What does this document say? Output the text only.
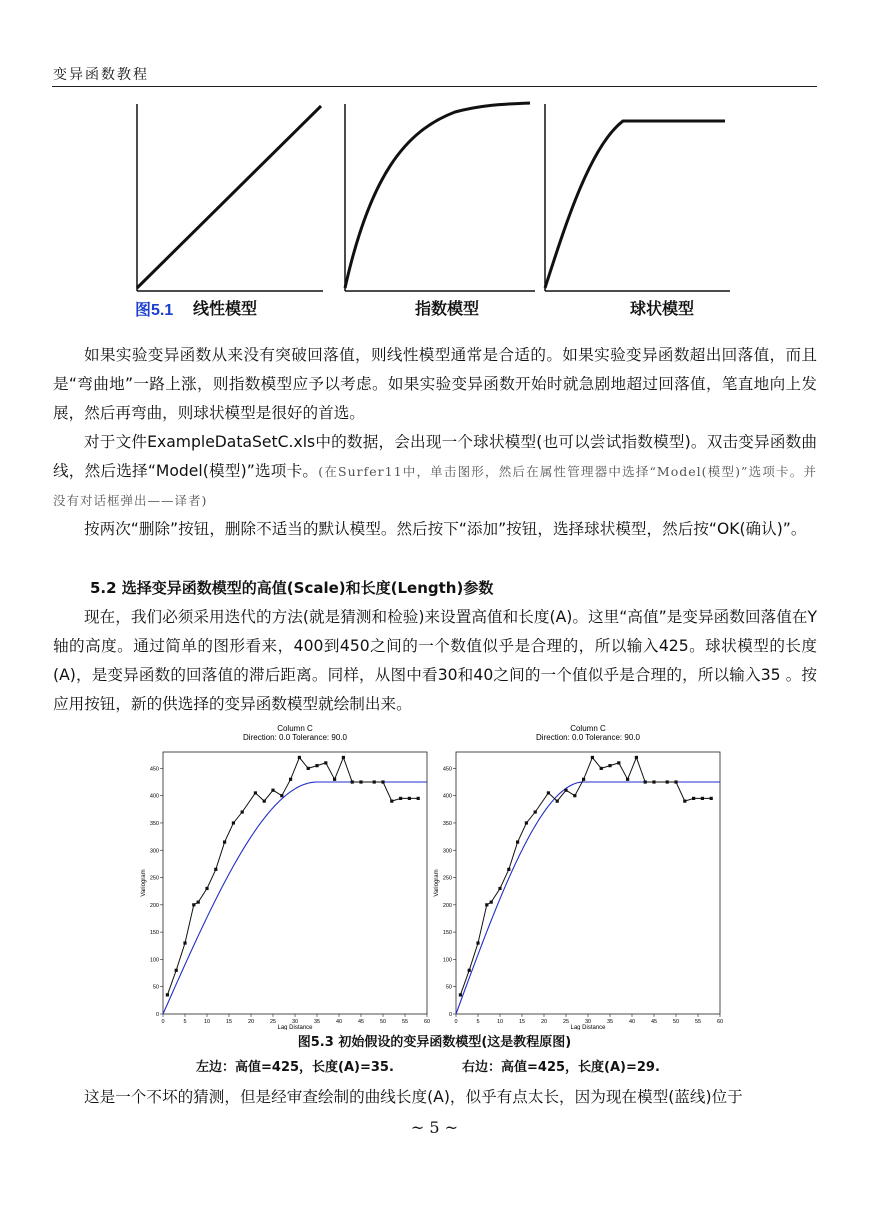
变异函数教程
图5.1 线性模型	指数模型	球状模型

如果实验变异函数从来没有突破回落值，则线性模型通常是合适的。如果实验变异函数超出回落值，而且是“弯曲地”一路上涨，则指数模型应予以考虑。如果实验变异函数开始时就急剧地超过回落值，笔直地向上发展，然后再弯曲，则球状模型是很好的首选。

对于文件ExampleDataSetC.xls中的数据，会出现一个球状模型(也可以尝试指数模型)。双击变异函数曲线，然后选择“Model(模型)”选项卡。(在Surfer11中，单击图形，然后在属性管理器中选择“Model(模型)”选项卡。并没有对话框弹出——译者)

按两次“删除”按钮，删除不适当的默认模型。然后按下“添加”按钮，选择球状模型，然后按“OK(确认)”。

5.2 选择变异函数模型的高值(Scale)和长度(Length)参数

现在，我们必须采用迭代的方法(就是猜测和检验)来设置高值和长度(A)。这里“高值”是变异函数回落值在Y轴的高度。通过简单的图形看来，400到450之间的一个数值似乎是合理的，所以输入425。球状模型的长度(A)，是变异函数的回落值的滞后距离。同样，从图中看30和40之间的一个值似乎是合理的，所以输入35 。按应用按钮，新的供选择的变异函数模型就绘制出来。

Column C
Direction: 0.0 Tolerance: 90.0
0
50
100
150
200
250
300
350
400
450
0	5	10	15	20	25	30	35	40	45	50	55	60
Lag Distance
Variogram
Column C
Direction: 0.0 Tolerance: 90.0
0
50
100
150
200
250
300
350
400
450
0	5	10	15	20	25	30	35	40	45	50	55	60
Lag Distance
Variogram
图5.3 初始假设的变异函数模型(这是教程原图)
左边：高值=425，长度(A)=35.	右边：高值=425，长度(A)=29.

这是一个不坏的猜测，但是经审查绘制的曲线长度(A)，似乎有点太长，因为现在模型(蓝线)位于

~ 5 ~
